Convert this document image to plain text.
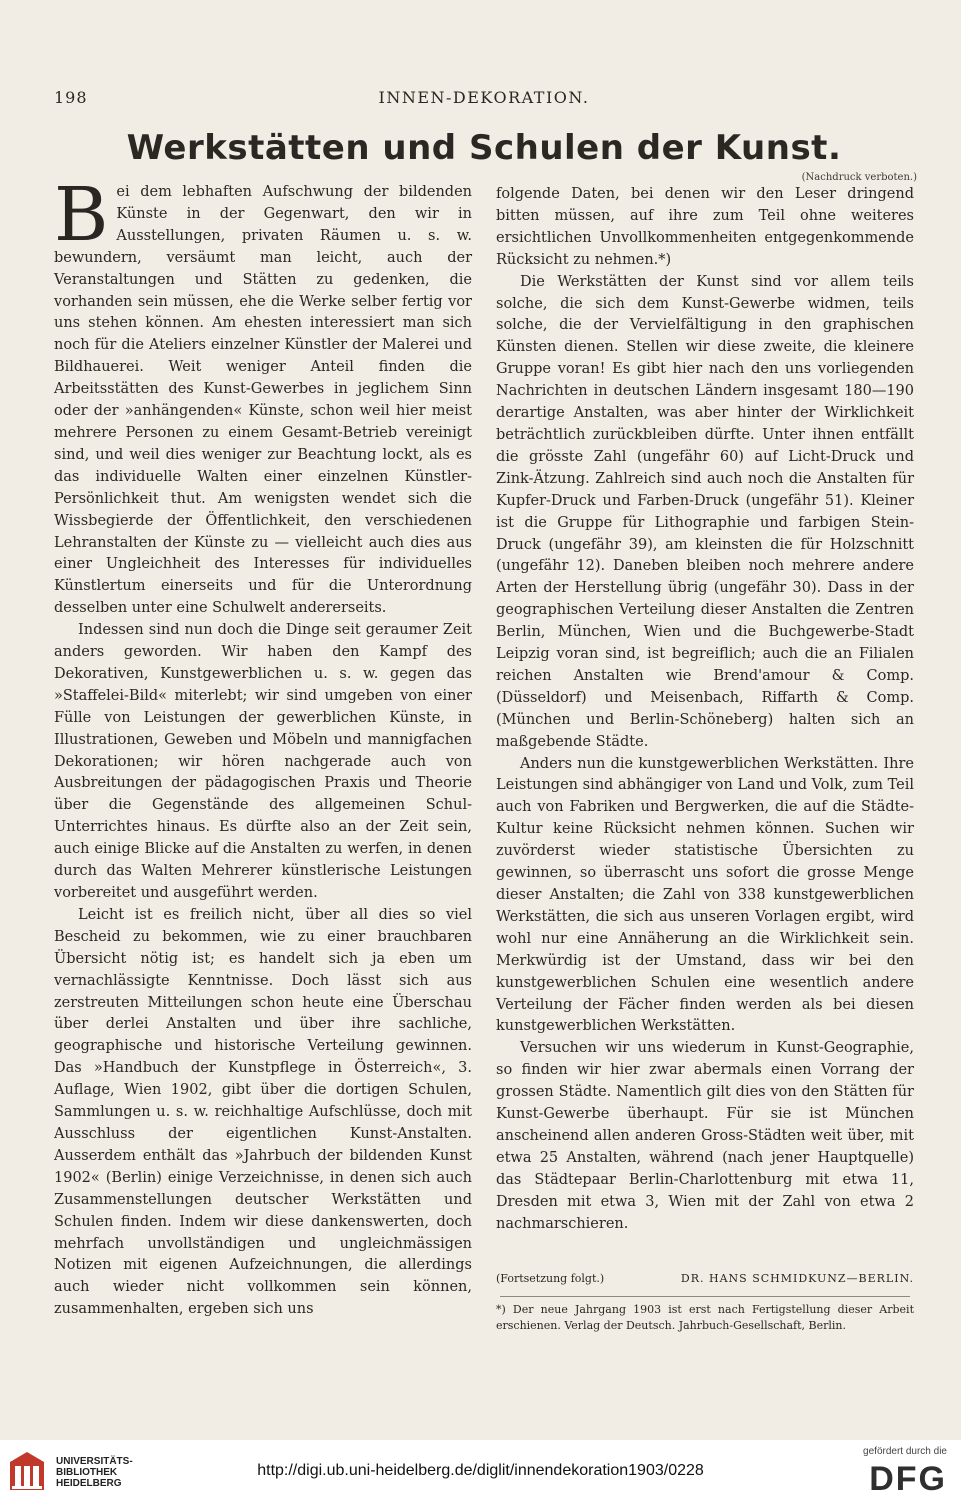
198	INNEN-DEKORATION.
Werkstätten und Schulen der Kunst.
(Nachdruck verboten.)

Bei dem lebhaften Aufschwung der bildenden Künste in der Gegenwart, den wir in Ausstellungen, privaten Räumen u. s. w. bewundern, versäumt man leicht, auch der Veranstaltungen und Stätten zu gedenken, die vorhanden sein müssen, ehe die Werke selber fertig vor uns stehen können. Am ehesten interessiert man sich noch für die Ateliers einzelner Künstler der Malerei und Bildhauerei. Weit weniger Anteil finden die Arbeitsstätten des Kunst-Gewerbes in jeglichem Sinn oder der »anhängenden« Künste, schon weil hier meist mehrere Personen zu einem Gesamt-Betrieb vereinigt sind, und weil dies weniger zur Beachtung lockt, als es das individuelle Walten einer einzelnen Künstler-Persönlichkeit thut. Am wenigsten wendet sich die Wissbegierde der Öffentlichkeit, den verschiedenen Lehranstalten der Künste zu — vielleicht auch dies aus einer Ungleichheit des Interesses für individuelles Künstlertum einerseits und für die Unterordnung desselben unter eine Schulwelt andererseits.

Indessen sind nun doch die Dinge seit geraumer Zeit anders geworden. Wir haben den Kampf des Dekorativen, Kunstgewerblichen u. s. w. gegen das »Staffelei-Bild« miterlebt; wir sind umgeben von einer Fülle von Leistungen der gewerblichen Künste, in Illustrationen, Geweben und Möbeln und mannigfachen Dekorationen; wir hören nachgerade auch von Ausbreitungen der pädagogischen Praxis und Theorie über die Gegenstände des allgemeinen Schul-Unterrichtes hinaus. Es dürfte also an der Zeit sein, auch einige Blicke auf die Anstalten zu werfen, in denen durch das Walten Mehrerer künstlerische Leistungen vorbereitet und ausgeführt werden.

Leicht ist es freilich nicht, über all dies so viel Bescheid zu bekommen, wie zu einer brauchbaren Übersicht nötig ist; es handelt sich ja eben um vernachlässigte Kenntnisse. Doch lässt sich aus zerstreuten Mitteilungen schon heute eine Überschau über derlei Anstalten und über ihre sachliche, geographische und historische Verteilung gewinnen. Das »Handbuch der Kunstpflege in Österreich«, 3. Auflage, Wien 1902, gibt über die dortigen Schulen, Sammlungen u. s. w. reichhaltige Aufschlüsse, doch mit Ausschluss der eigentlichen Kunst-Anstalten. Ausserdem enthält das »Jahrbuch der bildenden Kunst 1902« (Berlin) einige Verzeichnisse, in denen sich auch Zusammenstellungen deutscher Werkstätten und Schulen finden. Indem wir diese dankenswerten, doch mehrfach unvollständigen und ungleichmässigen Notizen mit eigenen Aufzeichnungen, die allerdings auch wieder nicht vollkommen sein können, zusammenhalten, ergeben sich uns

folgende Daten, bei denen wir den Leser dringend bitten müssen, auf ihre zum Teil ohne weiteres ersichtlichen Unvollkommenheiten entgegenkommende Rücksicht zu nehmen.*)

Die Werkstätten der Kunst sind vor allem teils solche, die sich dem Kunst-Gewerbe widmen, teils solche, die der Vervielfältigung in den graphischen Künsten dienen. Stellen wir diese zweite, die kleinere Gruppe voran! Es gibt hier nach den uns vorliegenden Nachrichten in deutschen Ländern insgesamt 180—190 derartige Anstalten, was aber hinter der Wirklichkeit beträchtlich zurückbleiben dürfte. Unter ihnen entfällt die grösste Zahl (ungefähr 60) auf Licht-Druck und Zink-Ätzung. Zahlreich sind auch noch die Anstalten für Kupfer-Druck und Farben-Druck (ungefähr 51). Kleiner ist die Gruppe für Lithographie und farbigen Stein-Druck (ungefähr 39), am kleinsten die für Holzschnitt (ungefähr 12). Daneben bleiben noch mehrere andere Arten der Herstellung übrig (ungefähr 30). Dass in der geographischen Verteilung dieser Anstalten die Zentren Berlin, München, Wien und die Buchgewerbe-Stadt Leipzig voran sind, ist begreiflich; auch die an Filialen reichen Anstalten wie Brend'amour & Comp. (Düsseldorf) und Meisenbach, Riffarth & Comp. (München und Berlin-Schöneberg) halten sich an maßgebende Städte.

Anders nun die kunstgewerblichen Werkstätten. Ihre Leistungen sind abhängiger von Land und Volk, zum Teil auch von Fabriken und Bergwerken, die auf die Städte-Kultur keine Rücksicht nehmen können. Suchen wir zuvörderst wieder statistische Übersichten zu gewinnen, so überrascht uns sofort die grosse Menge dieser Anstalten; die Zahl von 338 kunstgewerblichen Werkstätten, die sich aus unseren Vorlagen ergibt, wird wohl nur eine Annäherung an die Wirklichkeit sein. Merkwürdig ist der Umstand, dass wir bei den kunstgewerblichen Schulen eine wesentlich andere Verteilung der Fächer finden werden als bei diesen kunstgewerblichen Werkstätten.

Versuchen wir uns wiederum in Kunst-Geographie, so finden wir hier zwar abermals einen Vorrang der grossen Städte. Namentlich gilt dies von den Stätten für Kunst-Gewerbe überhaupt. Für sie ist München anscheinend allen anderen Gross-Städten weit über, mit etwa 25 Anstalten, während (nach jener Hauptquelle) das Städtepaar Berlin-Charlottenburg mit etwa 11, Dresden mit etwa 3, Wien mit der Zahl von etwa 2 nachmarschieren.

(Fortsetzung folgt.)	DR. HANS SCHMIDKUNZ—BERLIN.
*) Der neue Jahrgang 1903 ist erst nach Fertigstellung dieser Arbeit erschienen. Verlag der Deutsch. Jahrbuch-Gesellschaft, Berlin.
UNIVERSITÄTS-
BIBLIOTHEK
HEIDELBERG
http://digi.ub.uni-heidelberg.de/diglit/innendekoration1903/0228
gefördert durch die
DFG
